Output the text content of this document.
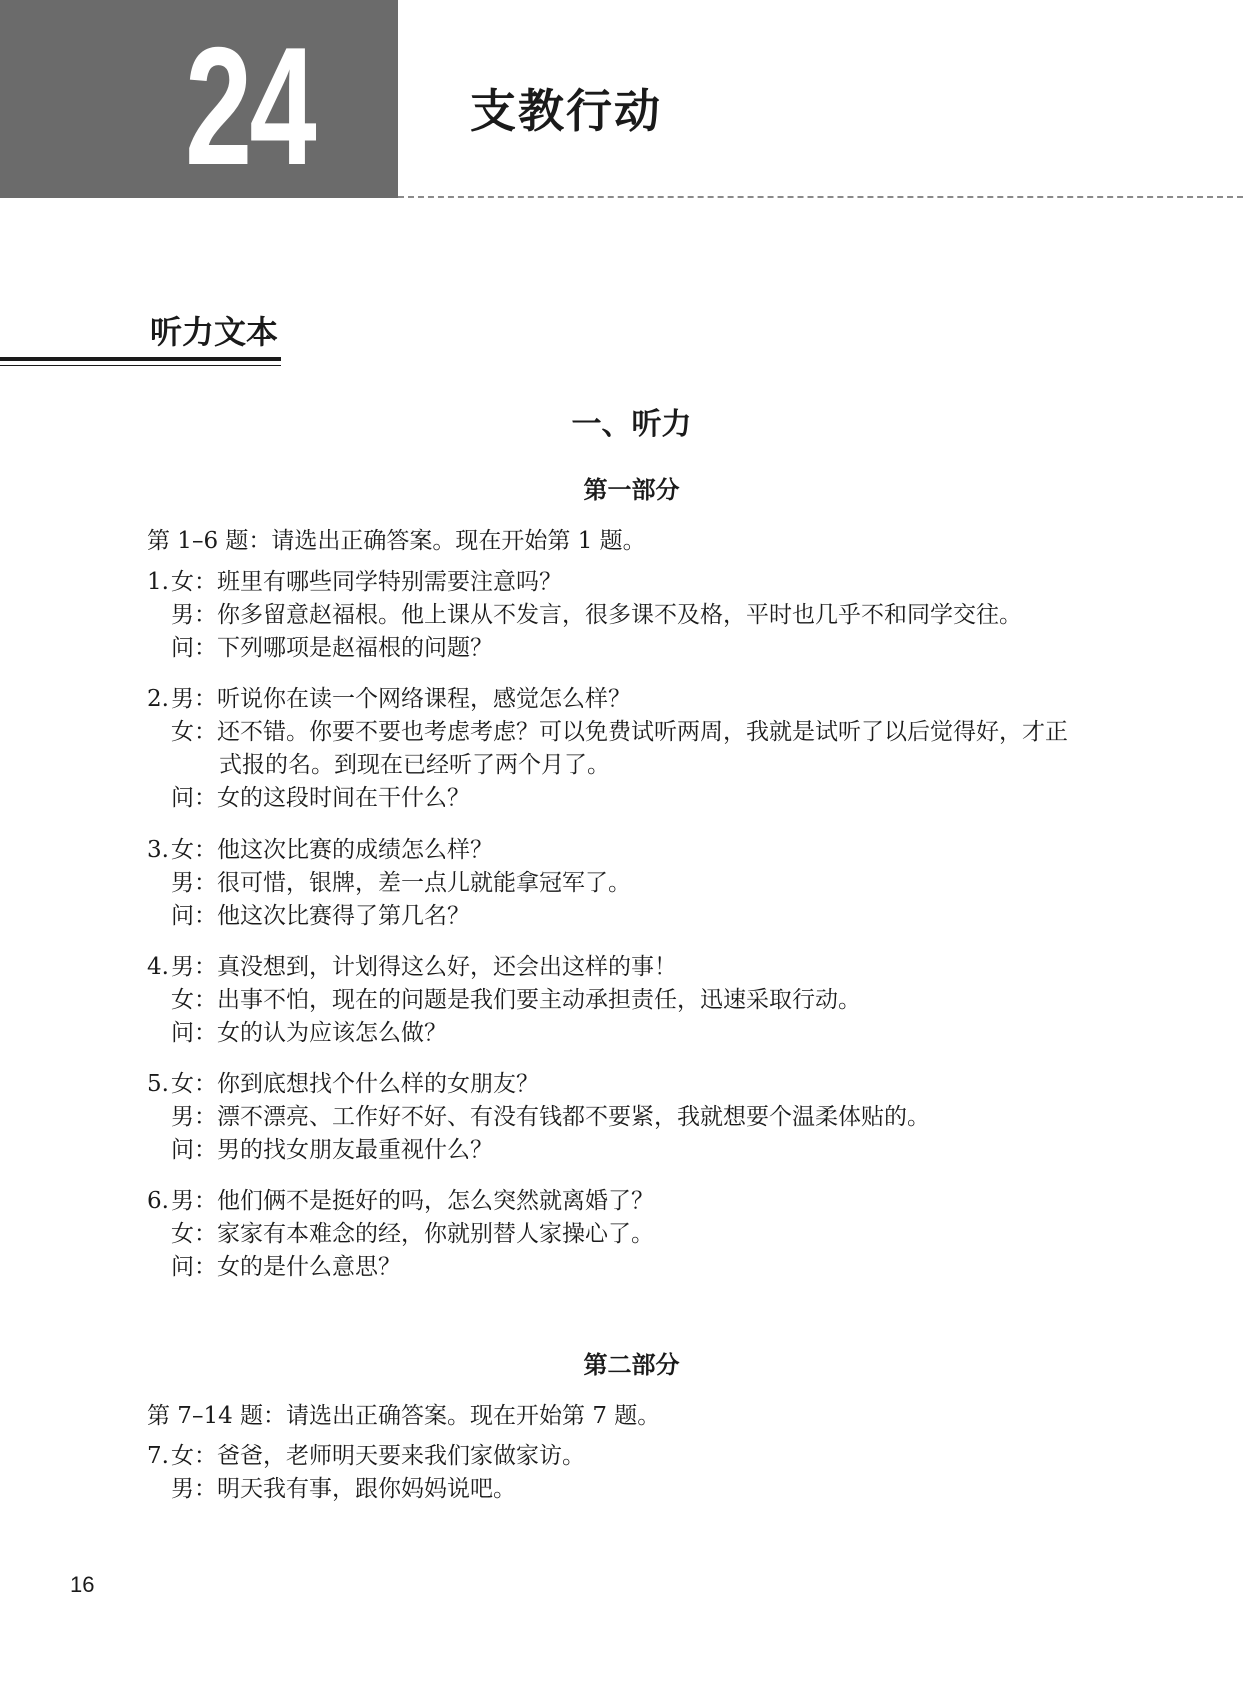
24	支教行动
听力文本
一、听力
第一部分
第 1–6 题：请选出正确答案。现在开始第 1 题。
1. 女： 班里有哪些同学特别需要注意吗？
男： 你多留意赵福根。他上课从不发言，很多课不及格，平时也几乎不和同学交往。
问： 下列哪项是赵福根的问题？
2. 男： 听说你在读一个网络课程，感觉怎么样？
女： 还不错。你要不要也考虑考虑？可以免费试听两周，我就是试听了以后觉得好，才正
式报的名。到现在已经听了两个月了。
问： 女的这段时间在干什么？
3. 女： 他这次比赛的成绩怎么样？
男： 很可惜，银牌，差一点儿就能拿冠军了。
问： 他这次比赛得了第几名？
4. 男： 真没想到，计划得这么好，还会出这样的事！
女： 出事不怕，现在的问题是我们要主动承担责任，迅速采取行动。
问： 女的认为应该怎么做？
5. 女： 你到底想找个什么样的女朋友？
男： 漂不漂亮、工作好不好、有没有钱都不要紧，我就想要个温柔体贴的。
问： 男的找女朋友最重视什么？
6. 男： 他们俩不是挺好的吗，怎么突然就离婚了？
女： 家家有本难念的经，你就别替人家操心了。
问： 女的是什么意思？
第二部分
第 7–14 题：请选出正确答案。现在开始第 7 题。
7. 女： 爸爸，老师明天要来我们家做家访。
男： 明天我有事，跟你妈妈说吧。
16
